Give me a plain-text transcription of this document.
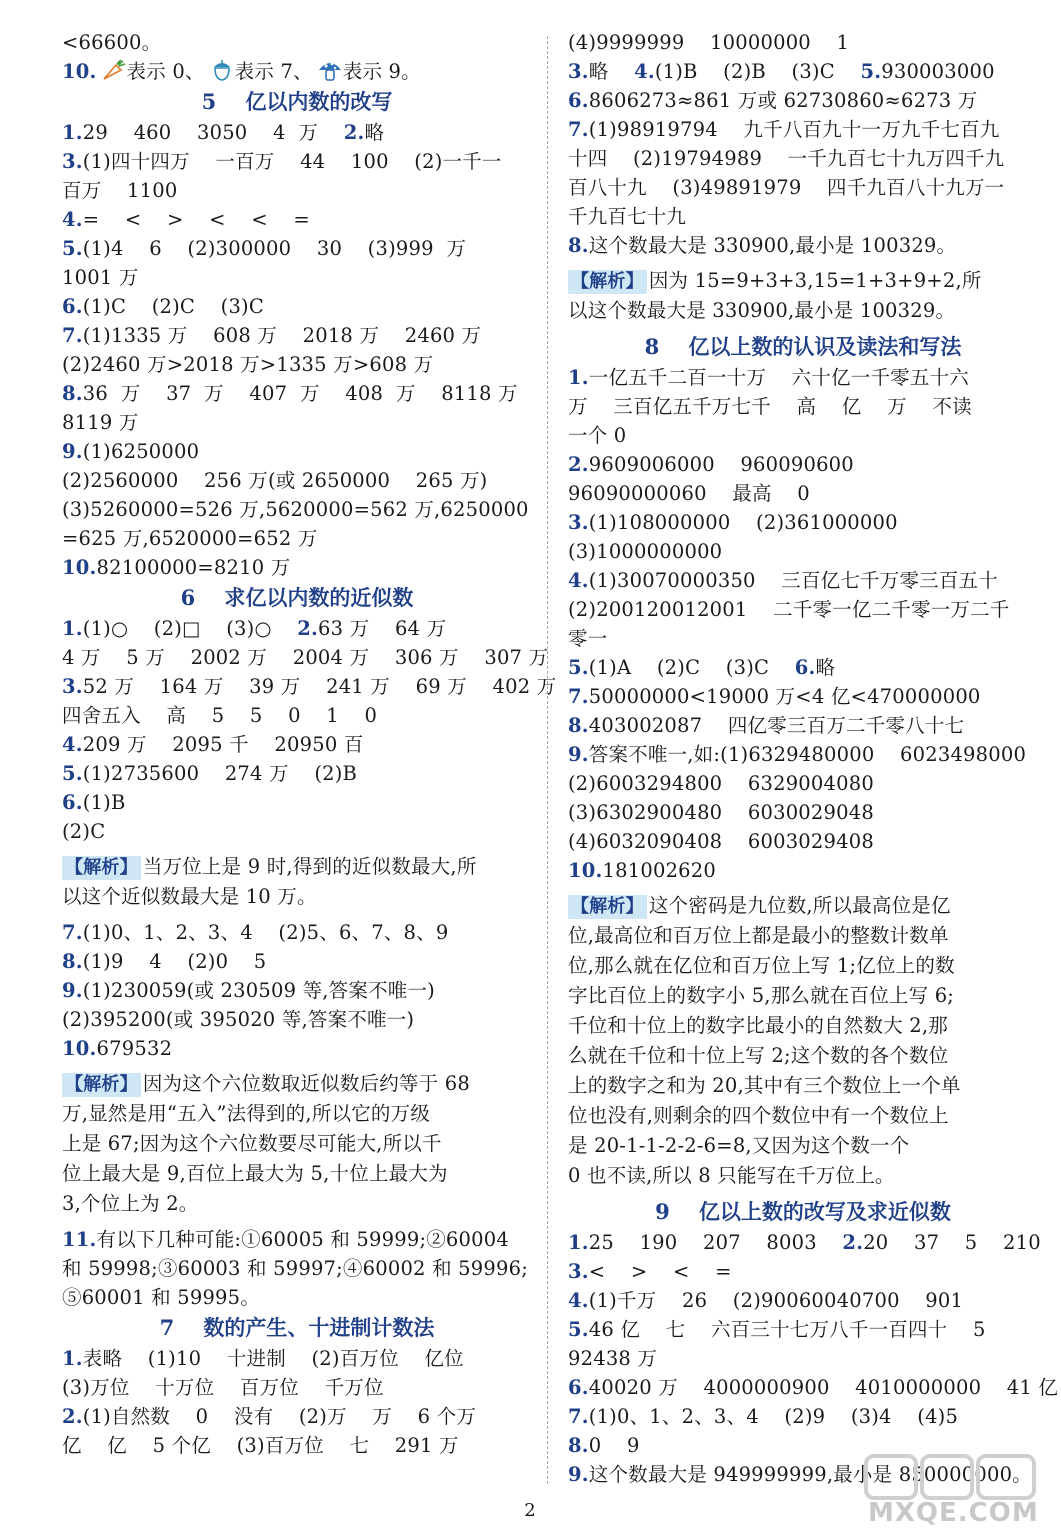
<66600。
10. 表示 0、 表示 7、 表示 9。
5    亿以内数的改写
1.29    460    3050    4  万    2.略
3.(1)四十四万    一百万    44    100    (2)一千一
百万    1100
4.=    <    >    <    <    =
5.(1)4    6    (2)300000    30    (3)999  万
1001 万
6.(1)C    (2)C    (3)C
7.(1)1335 万    608 万    2018 万    2460 万
(2)2460 万>2018 万>1335 万>608 万
8.36  万    37  万    407  万    408  万    8118 万
8119 万
9.(1)6250000
(2)2560000    256 万(或 2650000    265 万)
(3)5260000=526 万,5620000=562 万,6250000
=625 万,6520000=652 万
10.82100000=8210 万
6    求亿以内数的近似数
1.(1)○    (2)□    (3)○    2.63 万    64 万
4 万    5 万    2002 万    2004 万    306 万    307 万
3.52 万    164 万    39 万    241 万    69 万    402 万
四舍五入    高    5    5    0    1    0
4.209 万    2095 千    20950 百
5.(1)2735600    274 万    (2)B
6.(1)B
(2)C
【解析】 当万位上是 9 时,得到的近似数最大,所
以这个近似数最大是 10 万。
7.(1)0、1、2、3、4    (2)5、6、7、8、9
8.(1)9    4    (2)0    5
9.(1)230059(或 230509 等,答案不唯一)
(2)395200(或 395020 等,答案不唯一)
10.679532
【解析】 因为这个六位数取近似数后约等于 68
万,显然是用“五入”法得到的,所以它的万级
上是 67;因为这个六位数要尽可能大,所以千
位上最大是 9,百位上最大为 5,十位上最大为
3,个位上为 2。
11.有以下几种可能:①60005 和 59999;②60004
和 59998;③60003 和 59997;④60002 和 59996;
⑤60001 和 59995。
7    数的产生、十进制计数法
1.表略    (1)10    十进制    (2)百万位    亿位
(3)万位    十万位    百万位    千万位
2.(1)自然数    0    没有    (2)万    万    6 个万
亿    亿    5 个亿    (3)百万位    七    291 万
(4)9999999    10000000    1
3.略    4.(1)B    (2)B    (3)C    5.930003000
6.8606273≈861 万或 62730860≈6273 万
7.(1)98919794    九千八百九十一万九千七百九
十四    (2)19794989    一千九百七十九万四千九
百八十九    (3)49891979    四千九百八十九万一
千九百七十九
8.这个数最大是 330900,最小是 100329。
【解析】 因为 15=9+3+3,15=1+3+9+2,所
以这个数最大是 330900,最小是 100329。
8    亿以上数的认识及读法和写法
1.一亿五千二百一十万    六十亿一千零五十六
万    三百亿五千万七千    高    亿    万    不读
一个 0
2.9609006000    960090600
96090000060    最高    0
3.(1)108000000    (2)361000000
(3)1000000000
4.(1)30070000350    三百亿七千万零三百五十
(2)200120012001    二千零一亿二千零一万二千
零一
5.(1)A    (2)C    (3)C    6.略
7.50000000<19000 万<4 亿<470000000
8.403002087    四亿零三百万二千零八十七
9.答案不唯一,如:(1)6329480000    6023498000
(2)6003294800    6329004080
(3)6302900480    6030029048
(4)6032090408    6003029408
10.181002620
【解析】 这个密码是九位数,所以最高位是亿
位,最高位和百万位上都是最小的整数计数单
位,那么就在亿位和百万位上写 1;亿位上的数
字比百位上的数字小 5,那么就在百位上写 6;
千位和十位上的数字比最小的自然数大 2,那
么就在千位和十位上写 2;这个数的各个数位
上的数字之和为 20,其中有三个数位上一个单
位也没有,则剩余的四个数位中有一个数位上
是 20-1-1-2-2-6=8,又因为这个数一个
0 也不读,所以 8 只能写在千万位上。
9    亿以上数的改写及求近似数
1.25    190    207    8003    2.20    37    5    210
3.<    >    <    =
4.(1)千万    26    (2)90060040700    901
5.46 亿    七    六百三十七万八千一百四十    5
92438 万
6.40020 万    4000000900    4010000000    41 亿
7.(1)0、1、2、3、4    (2)9    (3)4    (4)5
8.0    9
9.这个数最大是 949999999,最小是 850000000。
2	MXQE.COM
